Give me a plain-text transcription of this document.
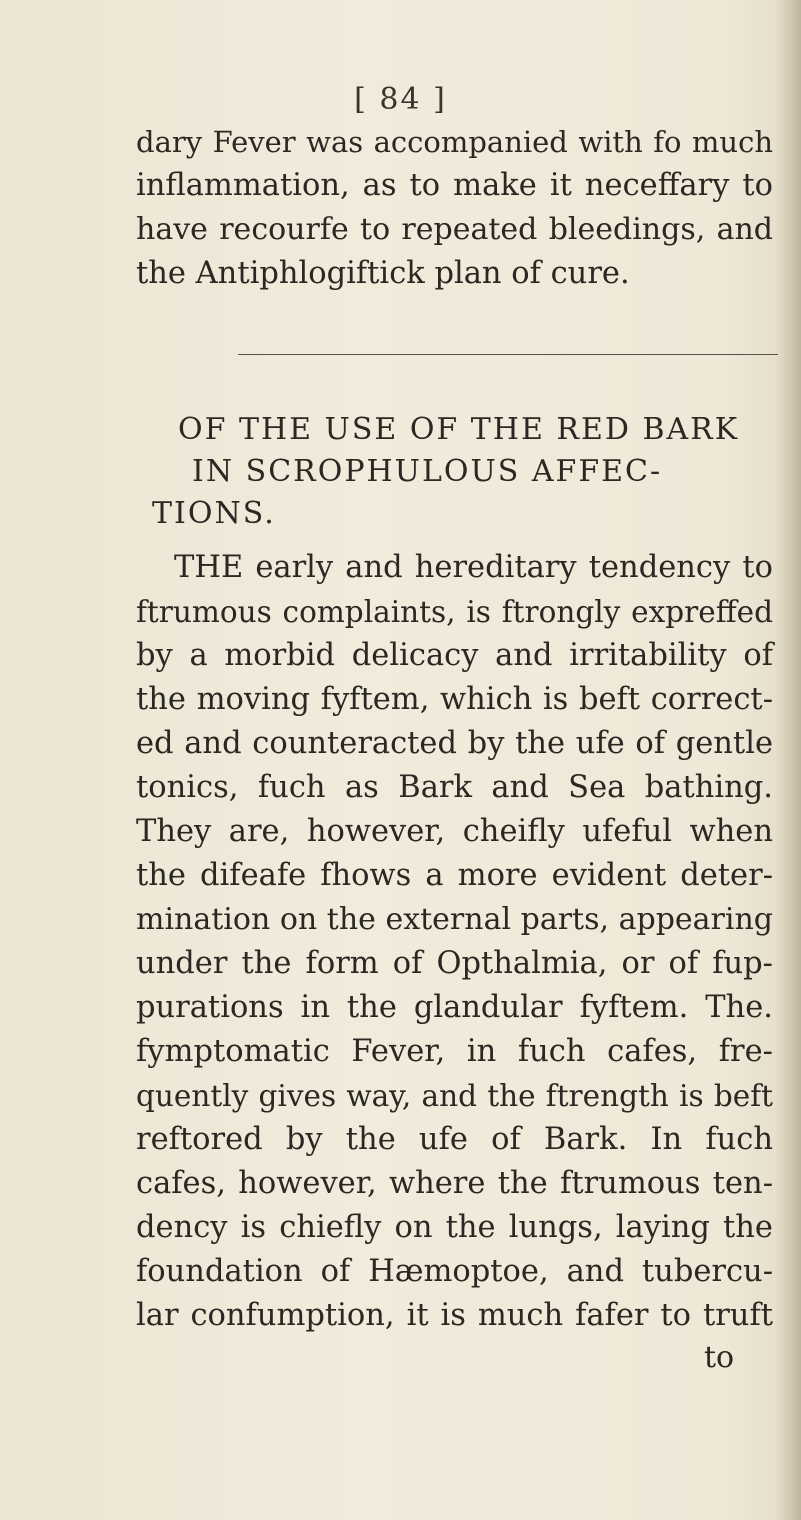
[ 84 ]
dary Fever was accompanied with fo much
inflammation, as to make it neceffary to
have recourfe to repeated bleedings, and
the Antiphlogiftick plan of cure.
OF THE USE OF THE RED BARK
IN SCROPHULOUS AFFEC-
TIONS.
THE early and hereditary tendency to
ftrumous complaints, is ftrongly expreffed
by a morbid delicacy and irritability of
the moving fyftem, which is beft correct-
ed and counteracted by the ufe of gentle
tonics, fuch as Bark and Sea bathing.
They are, however, cheifly ufeful when
the difeafe fhows a more evident deter-
mination on the external parts, appearing
under the form of Opthalmia, or of fup-
purations in the glandular fyftem. The.
fymptomatic Fever, in fuch cafes, fre-
quently gives way, and the ftrength is beft
reftored by the ufe of Bark. In fuch
cafes, however, where the ftrumous ten-
dency is chiefly on the lungs, laying the
foundation of Hæmoptoe, and tubercu-
lar confumption, it is much fafer to truft
to
